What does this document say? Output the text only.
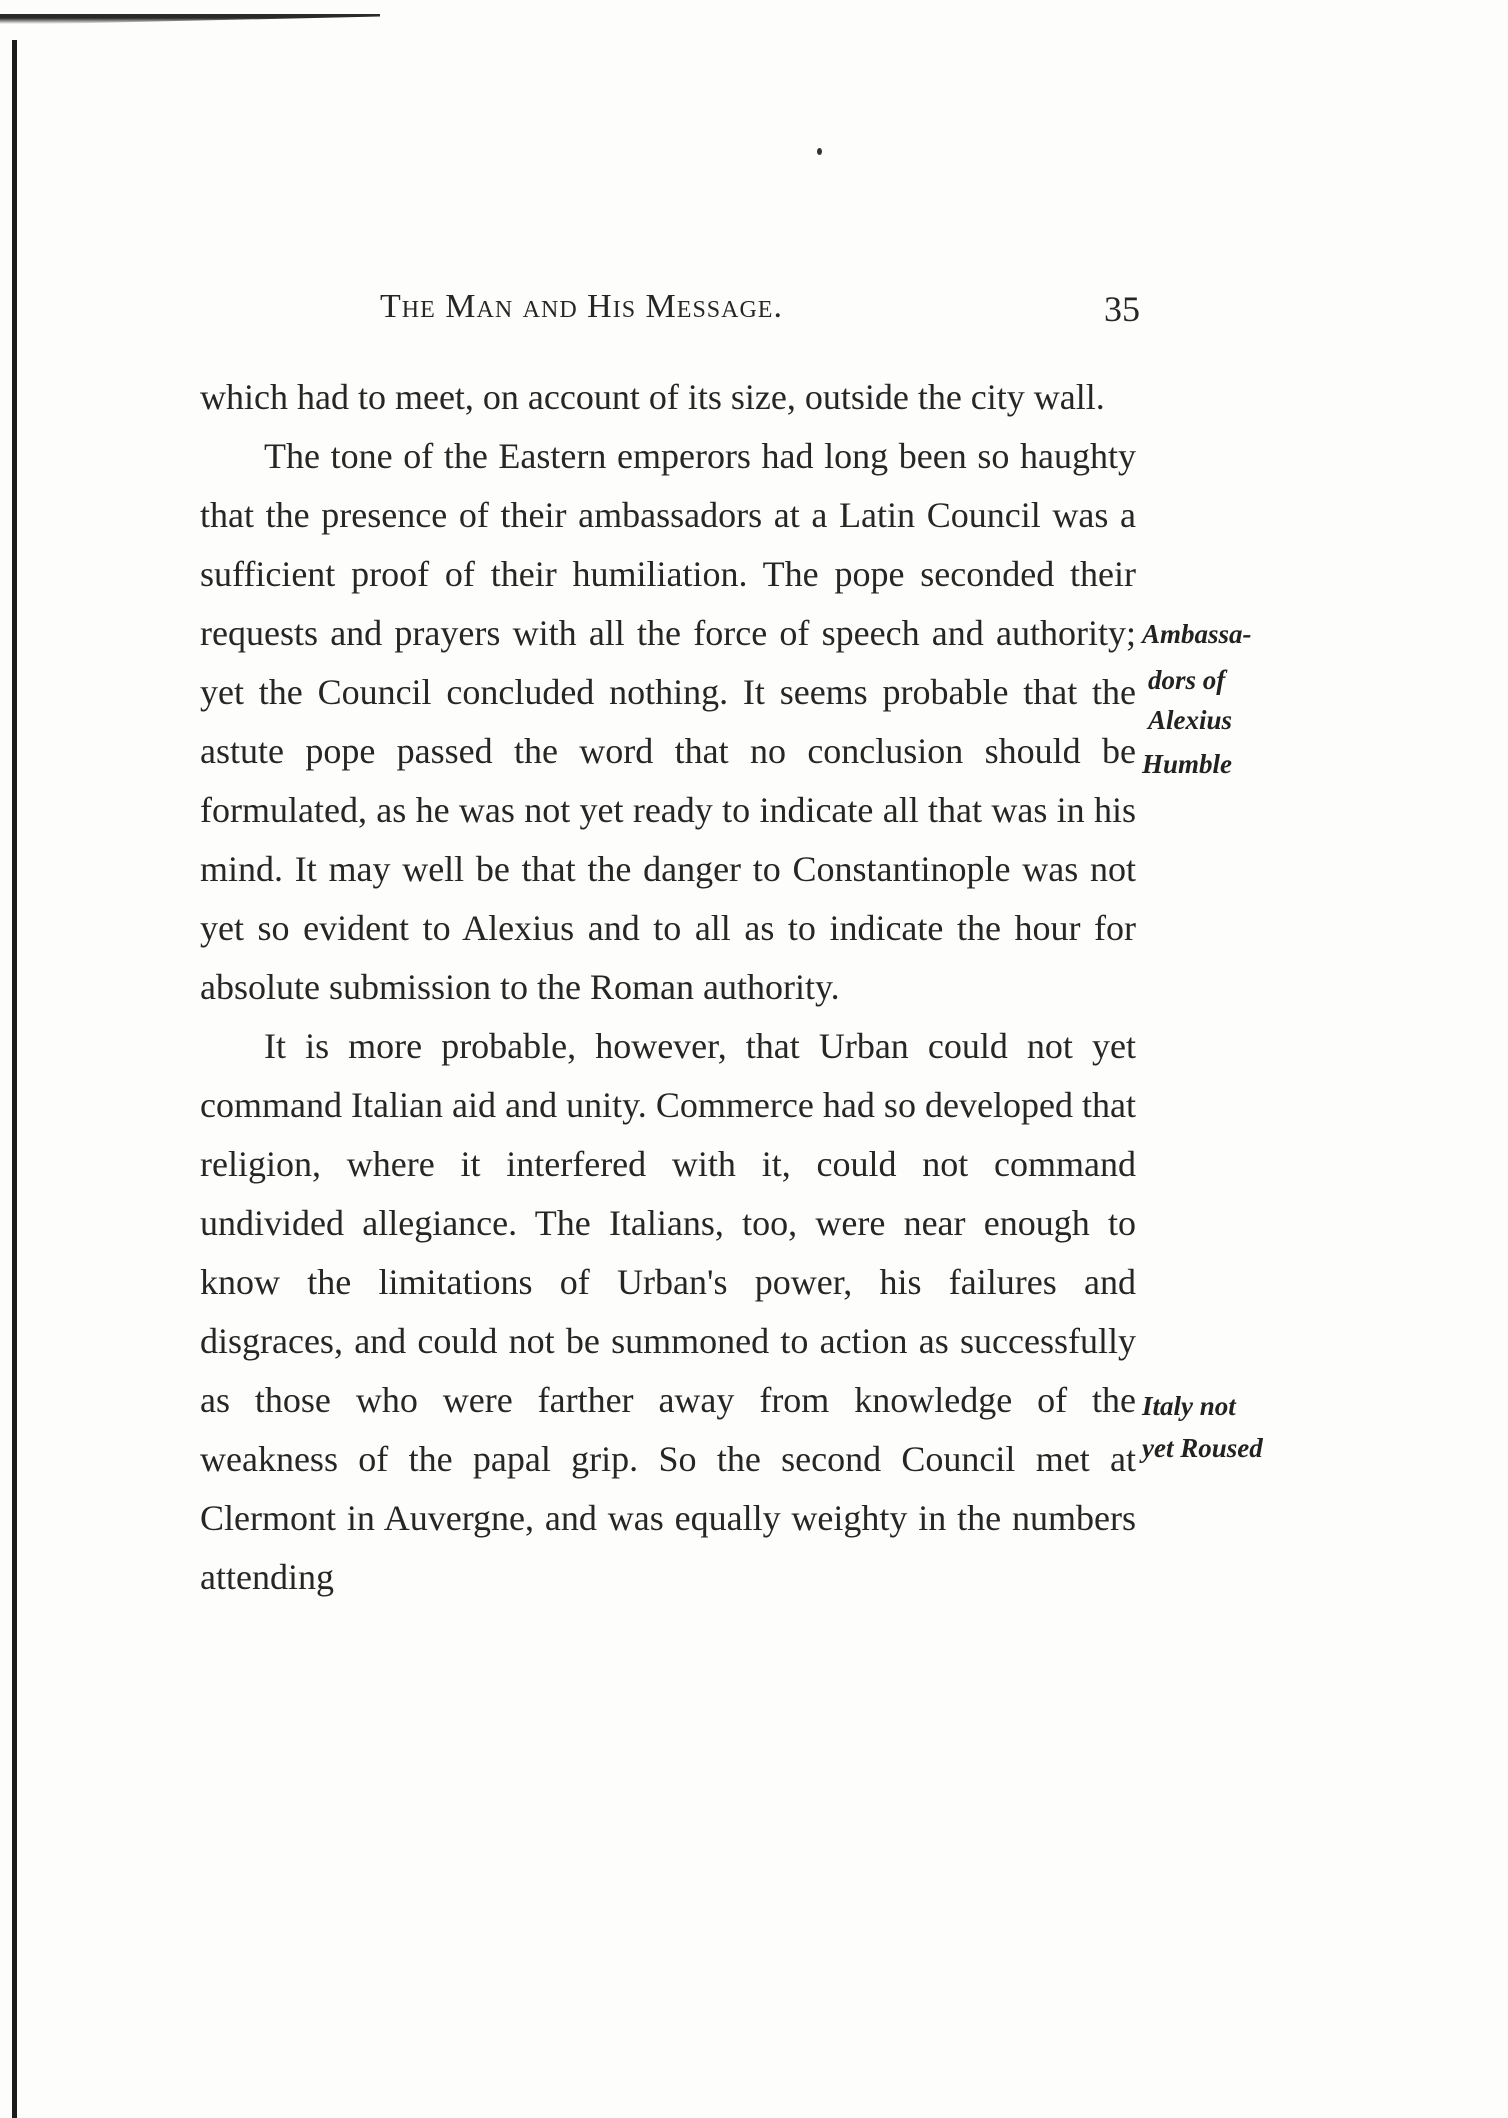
The Man and His Message.	35

which had to meet, on account of its size, outside the city wall.

The tone of the Eastern emperors had long been so haughty that the presence of their ambassadors at a Latin Council was a sufficient proof of their humiliation. The pope seconded their requests and prayers with all the force of speech and authority; yet the Council concluded nothing. It seems probable that the astute pope passed the word that no conclusion should be formulated, as he was not yet ready to indicate all that was in his mind. It may well be that the danger to Constantinople was not yet so evident to Alexius and to all as to indicate the hour for absolute submission to the Roman authority.

It is more probable, however, that Urban could not yet command Italian aid and unity. Commerce had so developed that religion, where it interfered with it, could not command undivided allegiance. The Italians, too, were near enough to know the limitations of Urban's power, his failures and disgraces, and could not be summoned to action as successfully as those who were farther away from knowledge of the weakness of the papal grip. So the second Council met at Clermont in Auvergne, and was equally weighty in the numbers attending

Ambassa-
dors of
Alexius
Humble
Italy not
yet Roused
